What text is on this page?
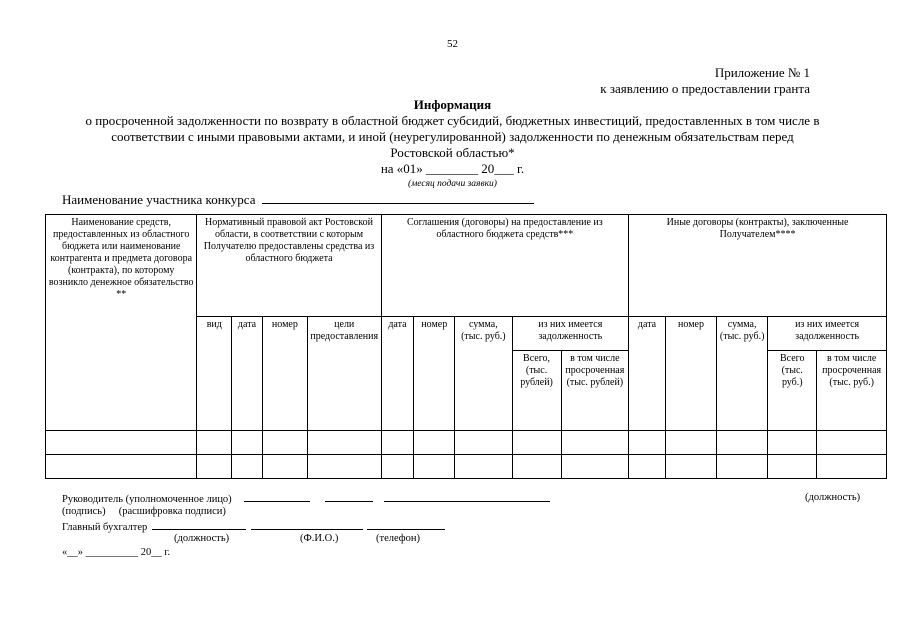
52
Приложение № 1
к заявлению о предоставлении гранта
Информация
о просроченной задолженности по возврату в областной бюджет субсидий, бюджетных инвестиций, предоставленных в том числе в
соответствии с иными правовыми актами, и иной (неурегулированной) задолженности по денежным обязательствам перед
Ростовской областью*
на «01» ________ 20___ г.
(месяц подачи заявки)
Наименование участника конкурса
Наименование средств, предоставленных из областного бюджета или наименование контрагента и предмета договора (контракта), по которому возникло денежное обязательство **	Нормативный правовой акт Ростовской области, в соответствии с которым Получателю предоставлены средства из областного бюджета				Соглашения (договоры) на предоставление из областного бюджета средств***					Иные договоры (контракты), заключенные Получателем****				
	вид	дата	номер	цели предоставления	дата	номер	сумма, (тыс. руб.)	из них имеется задолженность		дата	номер	сумма, (тыс. руб.)	из них имеется задолженность	
								Всего, (тыс. рублей)	в том числе просроченная (тыс. рублей)				Всего (тыс. руб.)	в том числе просроченная (тыс. руб.)

Руководитель (уполномоченное лицо)	(должность)
(подпись)     (расшифровка подписи)
Главный бухгалтер
(должность)	(Ф.И.О.)	(телефон)
«__» __________ 20__ г.
